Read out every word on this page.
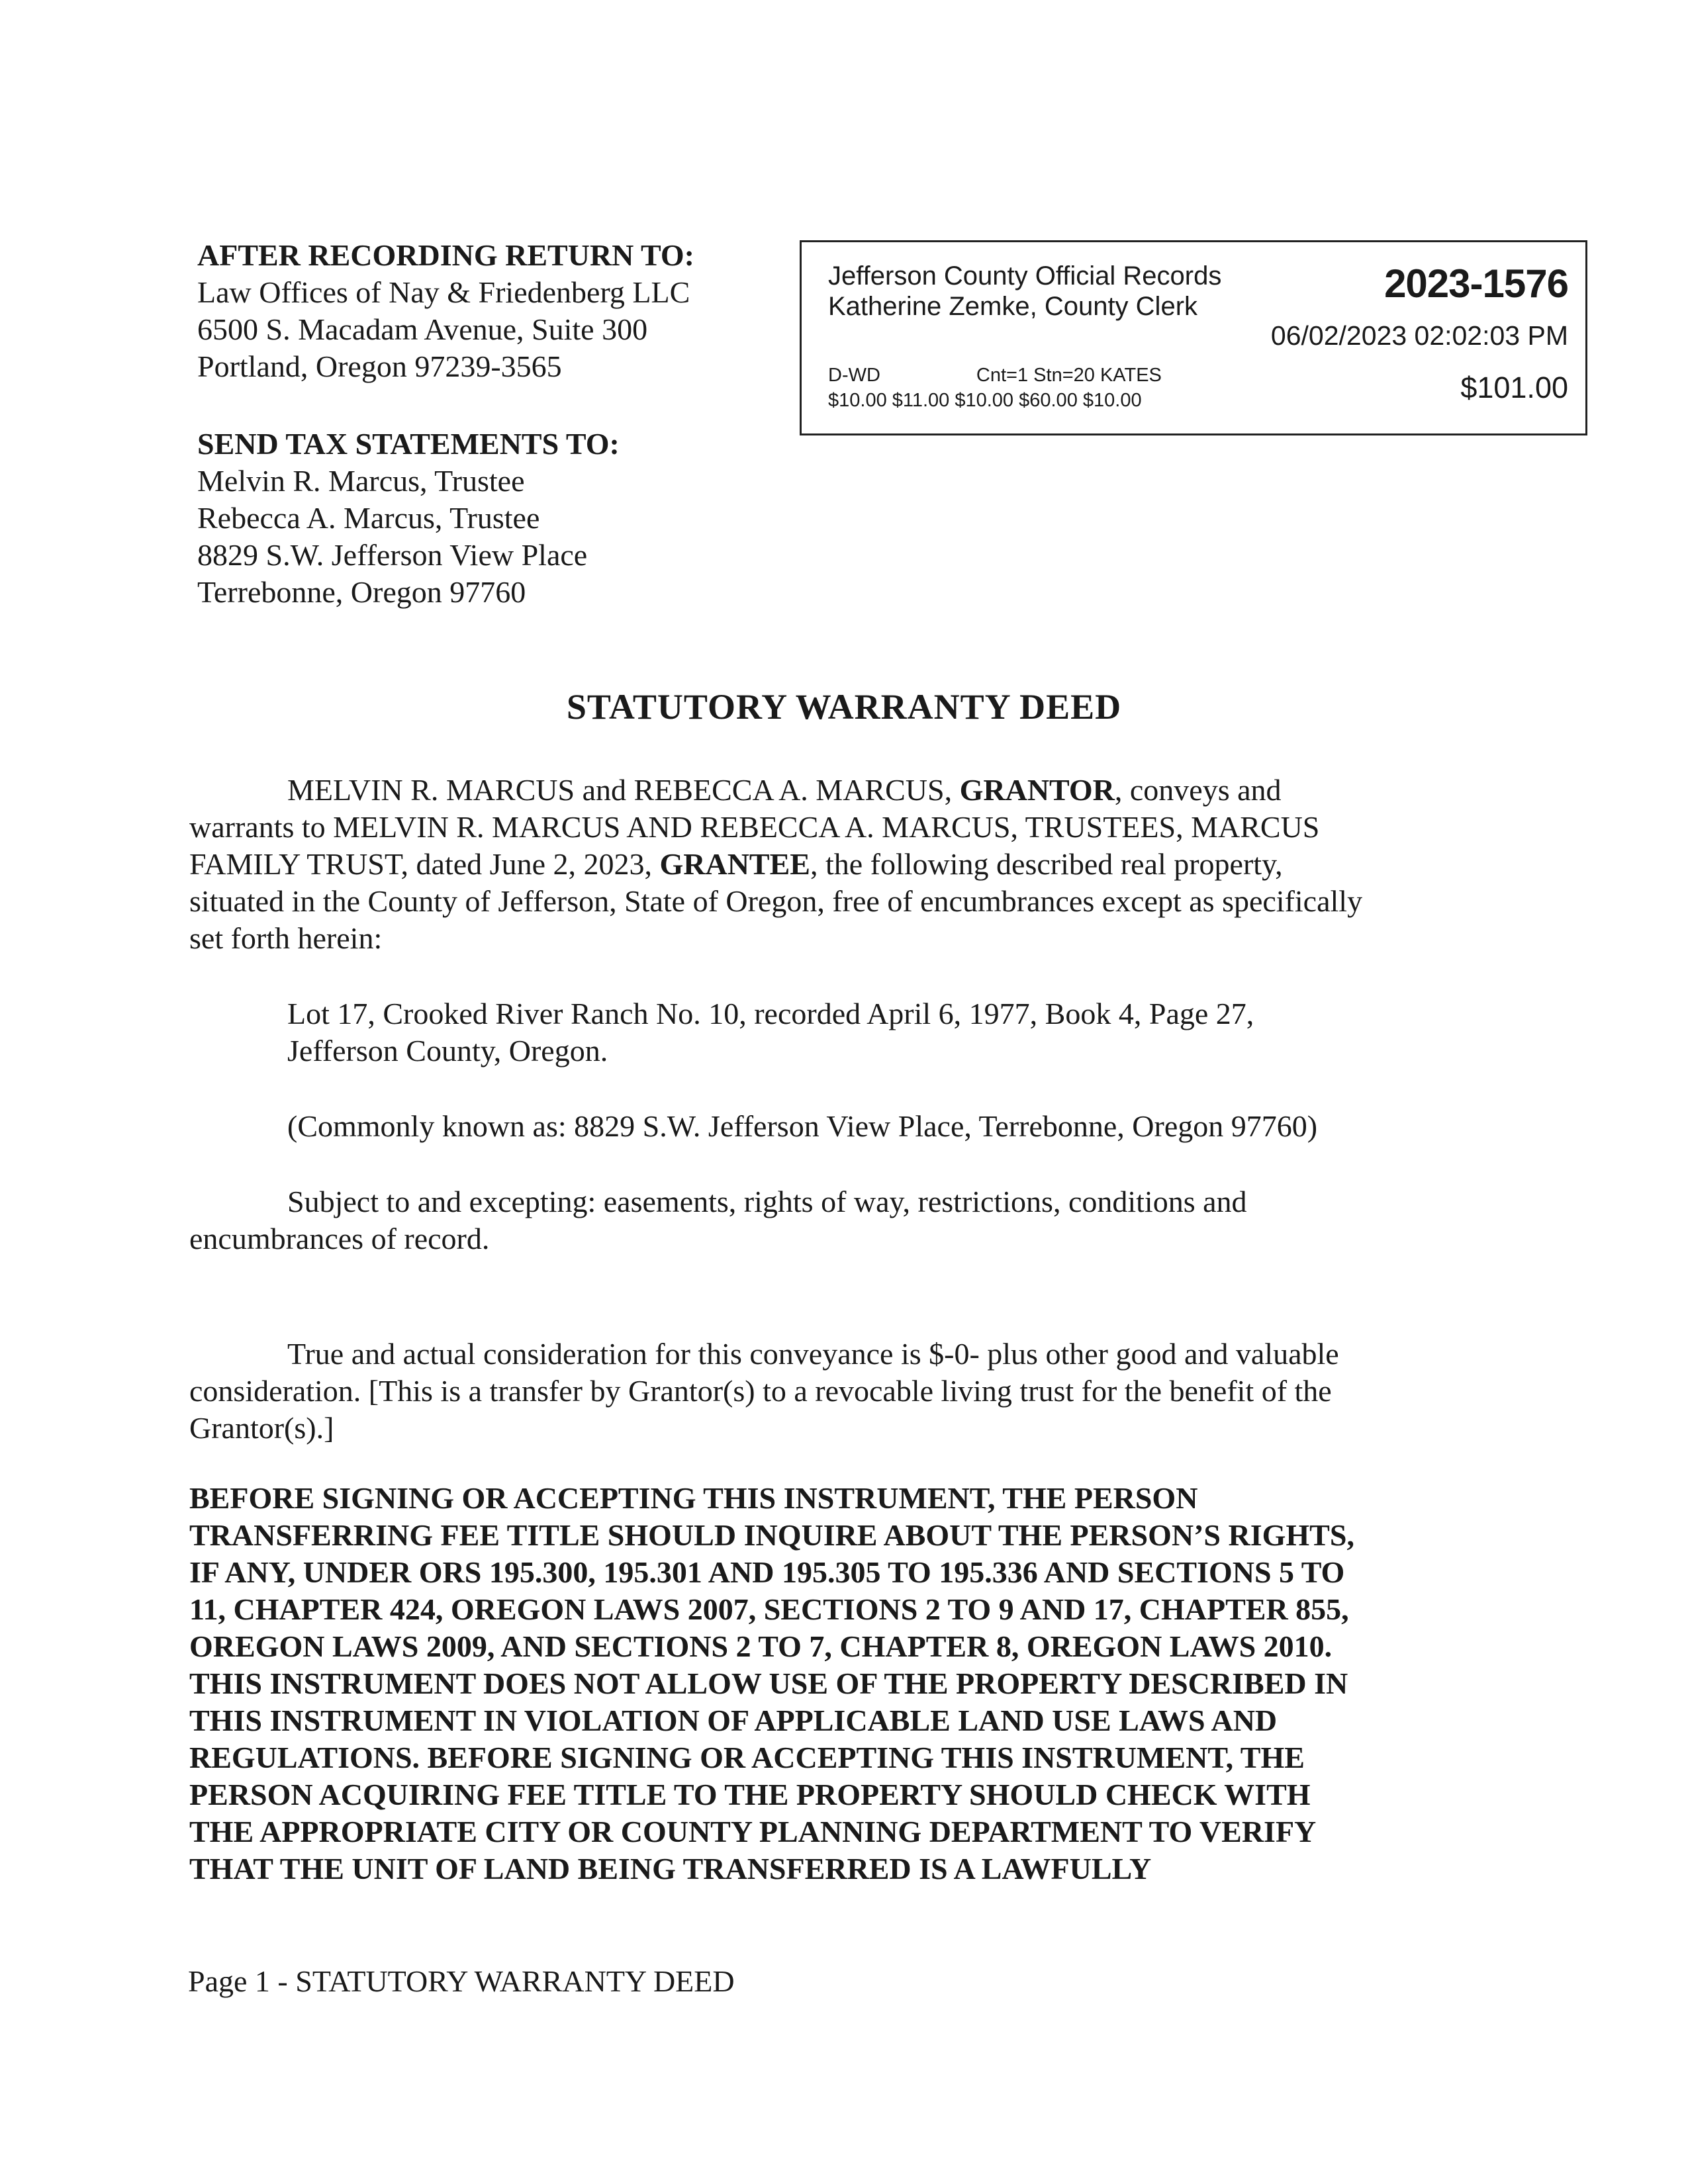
AFTER RECORDING RETURN TO:
Law Offices of Nay & Friedenberg LLC
6500 S. Macadam Avenue, Suite 300
Portland, Oregon 97239-3565
SEND TAX STATEMENTS TO:
Melvin R. Marcus, Trustee
Rebecca A. Marcus, Trustee
8829 S.W. Jefferson View Place
Terrebonne, Oregon 97760
Jefferson County Official Records
Katherine Zemke, County Clerk
2023-1576
06/02/2023 02:02:03 PM
D-WD	Cnt=1 Stn=20 KATES
$10.00 $11.00 $10.00 $60.00 $10.00	$101.00
STATUTORY WARRANTY DEED
MELVIN R. MARCUS and REBECCA A. MARCUS, GRANTOR, conveys and
warrants to MELVIN R. MARCUS AND REBECCA A. MARCUS, TRUSTEES, MARCUS
FAMILY TRUST, dated June 2, 2023, GRANTEE, the following described real property,
situated in the County of Jefferson, State of Oregon, free of encumbrances except as specifically
set forth herein:
Lot 17, Crooked River Ranch No. 10, recorded April 6, 1977, Book 4, Page 27,
Jefferson County, Oregon.
(Commonly known as: 8829 S.W. Jefferson View Place, Terrebonne, Oregon 97760)
Subject to and excepting: easements, rights of way, restrictions, conditions and
encumbrances of record.
True and actual consideration for this conveyance is $-0- plus other good and valuable
consideration. [This is a transfer by Grantor(s) to a revocable living trust for the benefit of the
Grantor(s).]
BEFORE SIGNING OR ACCEPTING THIS INSTRUMENT, THE PERSON
TRANSFERRING FEE TITLE SHOULD INQUIRE ABOUT THE PERSON’S RIGHTS,
IF ANY, UNDER ORS 195.300, 195.301 AND 195.305 TO 195.336 AND SECTIONS 5 TO
11, CHAPTER 424, OREGON LAWS 2007, SECTIONS 2 TO 9 AND 17, CHAPTER 855,
OREGON LAWS 2009, AND SECTIONS 2 TO 7, CHAPTER 8, OREGON LAWS 2010.
THIS INSTRUMENT DOES NOT ALLOW USE OF THE PROPERTY DESCRIBED IN
THIS INSTRUMENT IN VIOLATION OF APPLICABLE LAND USE LAWS AND
REGULATIONS. BEFORE SIGNING OR ACCEPTING THIS INSTRUMENT, THE
PERSON ACQUIRING FEE TITLE TO THE PROPERTY SHOULD CHECK WITH
THE APPROPRIATE CITY OR COUNTY PLANNING DEPARTMENT TO VERIFY
THAT THE UNIT OF LAND BEING TRANSFERRED IS A LAWFULLY
Page 1 - STATUTORY WARRANTY DEED
